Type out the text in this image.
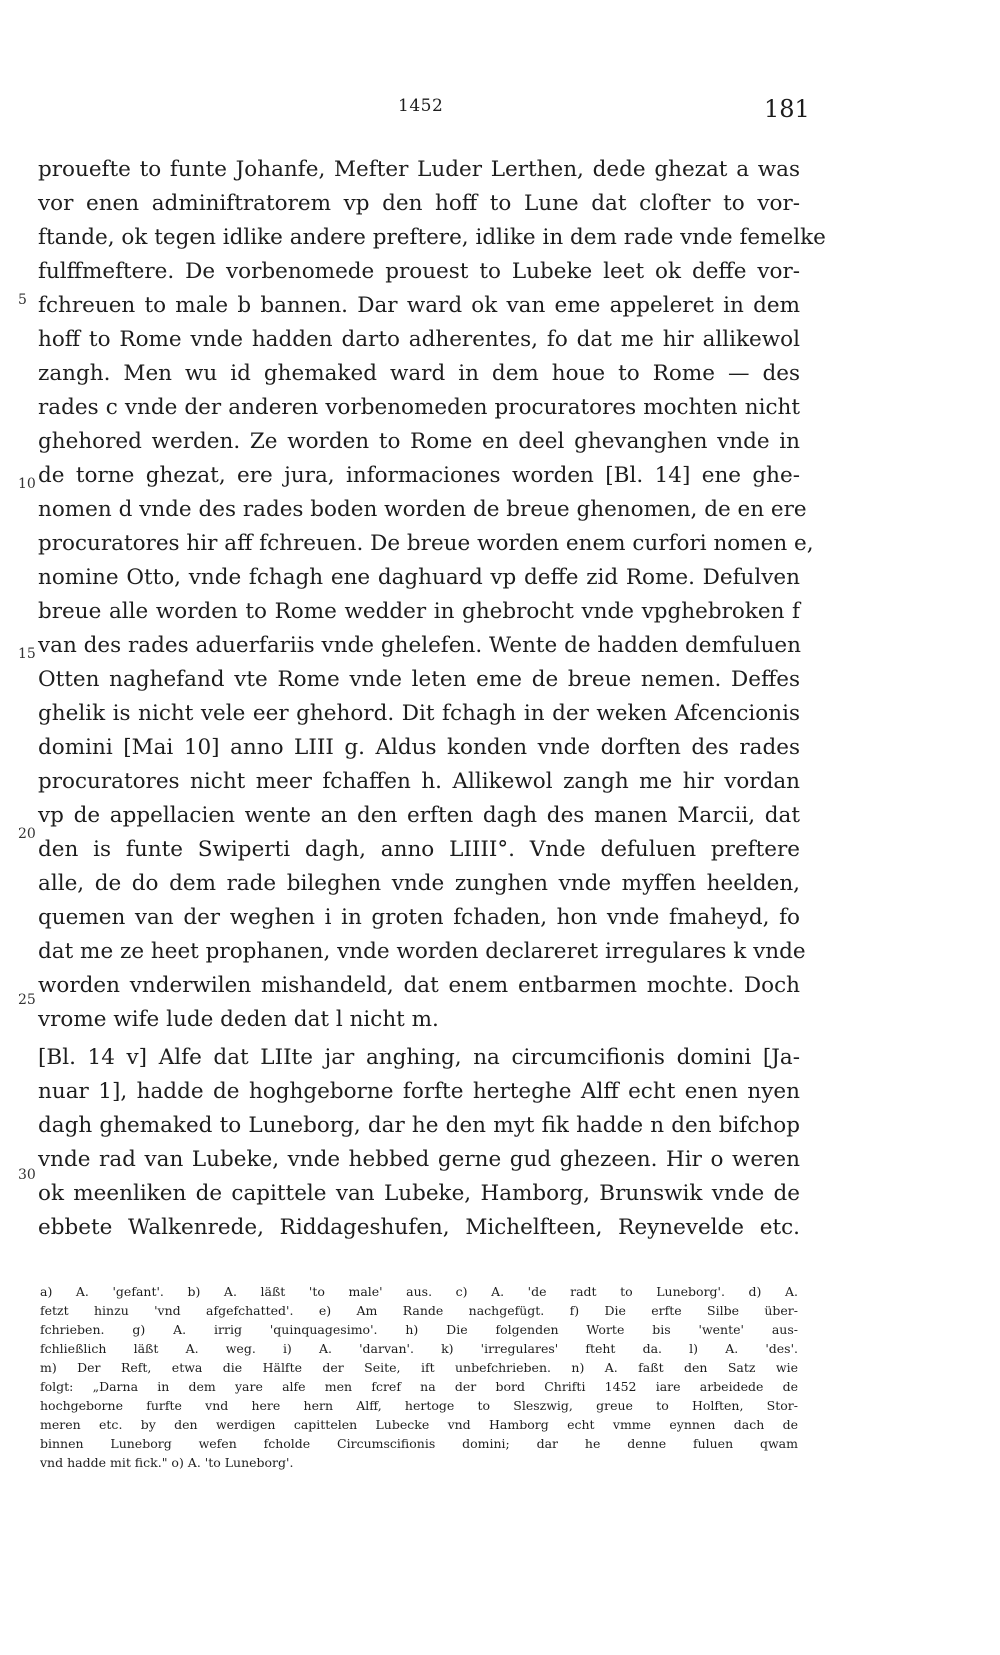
1452	181
5
10
15
20
25
30
prouefte to funte Johanfe, Mefter Luder Lerthen, dede ghezat a was
vor enen adminiftratorem vp den hoff to Lune dat clofter to vor-
ftande, ok tegen idlike andere preftere, idlike in dem rade vnde femelke
fulffmeftere. De vorbenomede prouest to Lubeke leet ok deffe vor-
fchreuen to male b bannen. Dar ward ok van eme appeleret in dem
hoff to Rome vnde hadden darto adherentes, fo dat me hir allikewol
zangh. Men wu id ghemaked ward in dem houe to Rome — des
rades c vnde der anderen vorbenomeden procuratores mochten nicht
ghehored werden. Ze worden to Rome en deel ghevanghen vnde in
de torne ghezat, ere jura, informaciones worden [Bl. 14] ene ghe-
nomen d vnde des rades boden worden de breue ghenomen, de en ere
procuratores hir aff fchreuen. De breue worden enem curfori nomen e,
nomine Otto, vnde fchagh ene daghuard vp deffe zid Rome. Defulven
breue alle worden to Rome wedder in ghebrocht vnde vpghebroken f
van des rades aduerfariis vnde ghelefen. Wente de hadden demfuluen
Otten naghefand vte Rome vnde leten eme de breue nemen. Deffes
ghelik is nicht vele eer ghehord. Dit fchagh in der weken Afcencionis
domini [Mai 10] anno LIII g. Aldus konden vnde dorften des rades
procuratores nicht meer fchaffen h. Allikewol zangh me hir vordan
vp de appellacien wente an den erften dagh des manen Marcii, dat
den is funte Swiperti dagh, anno LIIII°. Vnde defuluen preftere
alle, de do dem rade bileghen vnde zunghen vnde myffen heelden,
quemen van der weghen i in groten fchaden, hon vnde fmaheyd, fo
dat me ze heet prophanen, vnde worden declareret irregulares k vnde
worden vnderwilen mishandeld, dat enem entbarmen mochte. Doch
vrome wife lude deden dat l nicht m.
[Bl. 14 v] Alfe dat LIIte jar anghing, na circumcifionis domini [Ja-
nuar 1], hadde de hoghgeborne forfte herteghe Alff echt enen nyen
dagh ghemaked to Luneborg, dar he den myt fik hadde n den bifchop
vnde rad van Lubeke, vnde hebbed gerne gud ghezeen. Hir o weren
ok meenliken de capittele van Lubeke, Hamborg, Brunswik vnde de
ebbete Walkenrede, Riddageshufen, Michelfteen, Reynevelde etc.
a) A. 'gefant'. b) A. läßt 'to male' aus. c) A. 'de radt to Luneborg'. d) A.
fetzt hinzu 'vnd afgefchatted'. e) Am Rande nachgefügt. f) Die erfte Silbe über-
fchrieben. g) A. irrig 'quinquagesimo'. h) Die folgenden Worte bis 'wente' aus-
fchließlich läßt A. weg. i) A. 'darvan'. k) 'irregulares' fteht da. l) A. 'des'.
m) Der Reft, etwa die Hälfte der Seite, ift unbefchrieben. n) A. faßt den Satz wie
folgt: „Darna in dem yare alfe men fcref na der bord Chrifti 1452 iare arbeidede de
hochgeborne furfte vnd here hern Alff, hertoge to Sleszwig, greue to Holften, Stor-
meren etc. by den werdigen capittelen Lubecke vnd Hamborg echt vmme eynnen dach de
binnen Luneborg wefen fcholde Circumscifionis domini; dar he denne fuluen qwam
vnd hadde mit fick." o) A. 'to Luneborg'.
